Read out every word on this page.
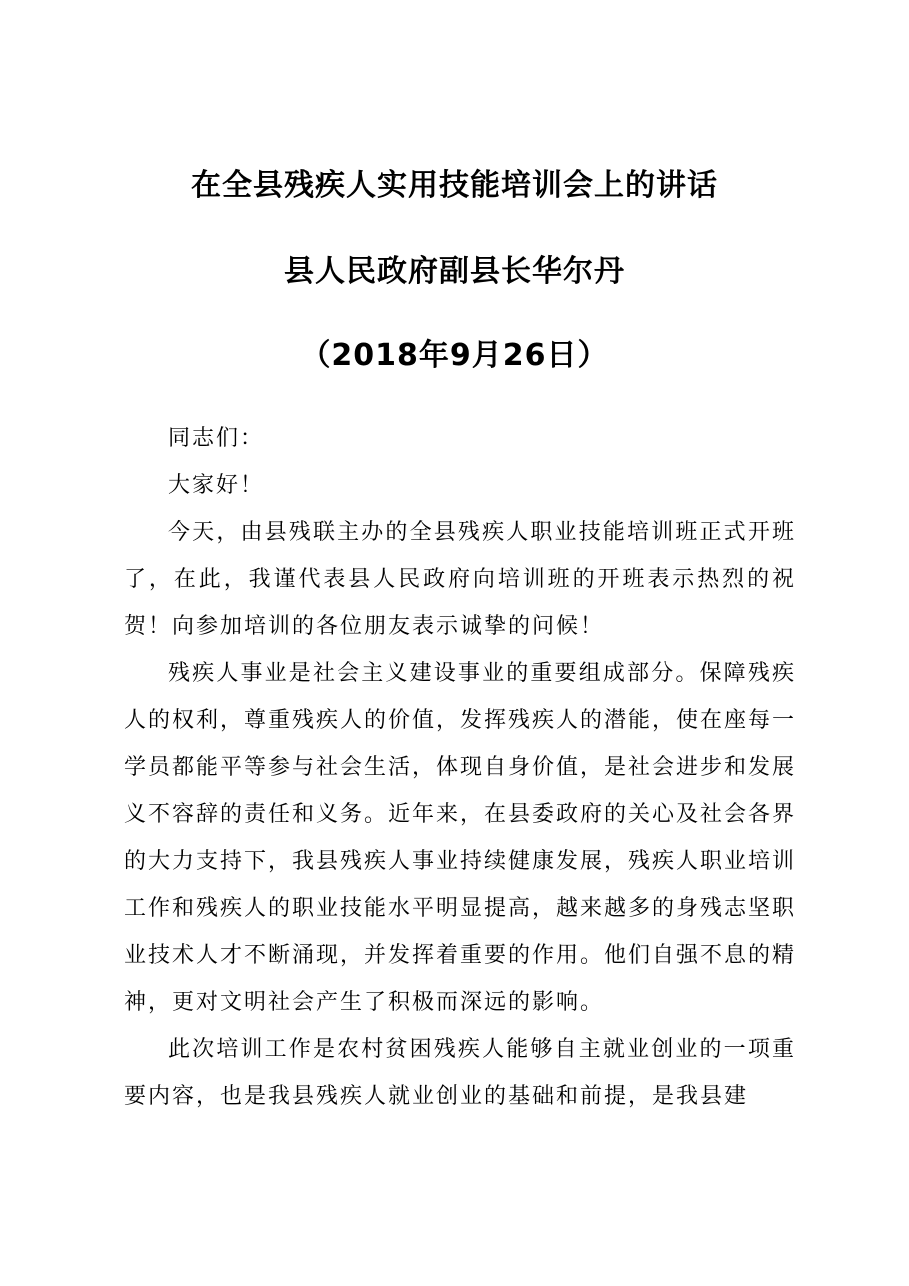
在全县残疾人实用技能培训会上的讲话
县人民政府副县长华尔丹
（2018年9月26日）

同志们：

大家好！

今天，由县残联主办的全县残疾人职业技能培训班正式开班了，在此，我谨代表县人民政府向培训班的开班表示热烈的祝贺！向参加培训的各位朋友表示诚挚的问候！

残疾人事业是社会主义建设事业的重要组成部分。保障残疾人的权利，尊重残疾人的价值，发挥残疾人的潜能，使在座每一学员都能平等参与社会生活，体现自身价值，是社会进步和发展义不容辞的责任和义务。近年来，在县委政府的关心及社会各界的大力支持下，我县残疾人事业持续健康发展，残疾人职业培训工作和残疾人的职业技能水平明显提高，越来越多的身残志坚职业技术人才不断涌现，并发挥着重要的作用。他们自强不息的精神，更对文明社会产生了积极而深远的影响。

此次培训工作是农村贫困残疾人能够自主就业创业的一项重要内容，也是我县残疾人就业创业的基础和前提，是我县建
